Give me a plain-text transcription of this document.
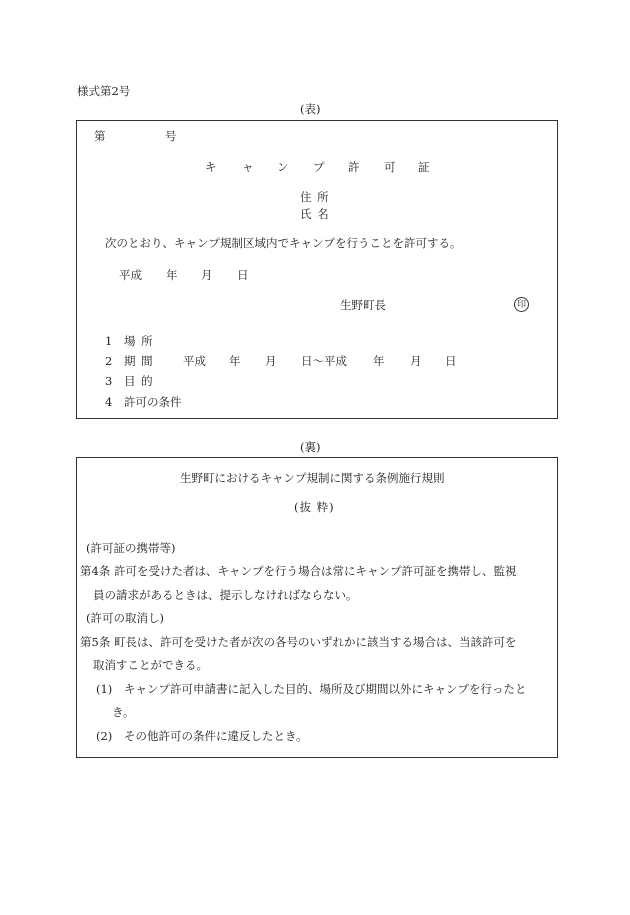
様式第2号
(表)
第	号
キ ャ ン プ 許 可 証
住 所
氏 名
次のとおり、キャンプ規制区域内でキャンプを行うことを許可する。
平成 年 月 日
生野町長	印
1 場 所
2 期 間	平成 年 月 日～平成 年 月 日
3 目 的
4 許可の条件
(裏)
生野町におけるキャンプ規制に関する条例施行規則
(抜 粋)
(許可証の携帯等)
第4条 許可を受けた者は、キャンプを行う場合は常にキャンプ許可証を携帯し、監視
員の請求があるときは、提示しなければならない。
(許可の取消し)
第5条 町長は、許可を受けた者が次の各号のいずれかに該当する場合は、当該許可を
取消すことができる。
(1) キャンプ許可申請書に記入した目的、場所及び期間以外にキャンプを行ったと
き。
(2) その他許可の条件に違反したとき。
